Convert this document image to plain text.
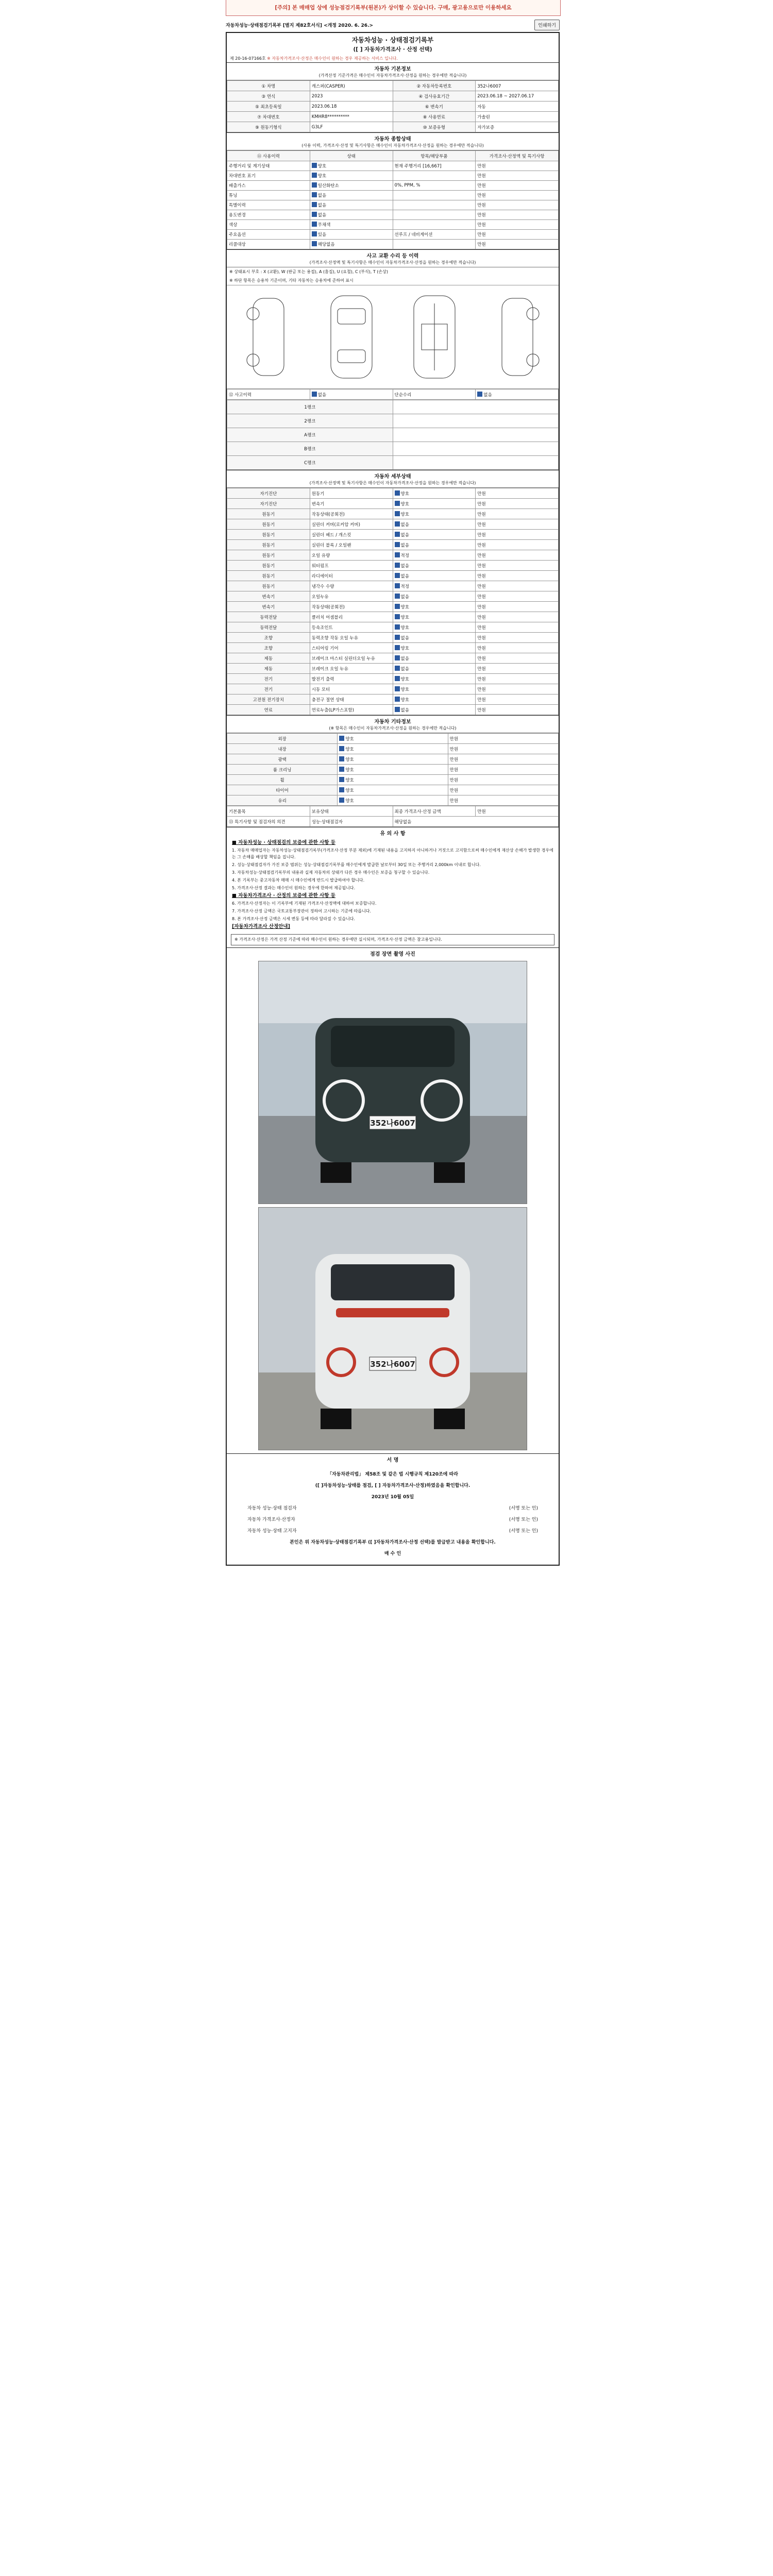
[주의] 본 매매업 상에 성능점검기록부(원본)가 상이할 수 있습니다. 구매, 광고용으로만 이용하세요
자동차성능·상태점검기록부 [별지 제82호서식] <개정 2020. 6. 26.>	인쇄하기
자동차성능 · 상태점검기록부
([ ] 자동차가격조사 · 산정 선택)
제 20-16-07166호 ※ 자동차가격조사·산정은 매수인이 원하는 경우 제공하는 서비스 입니다.
자동차 기본정보
(가격산정 기준가격은 매수인이 자동차가격조사·산정을 원하는 경우에만 적습니다)
① 차명	캐스퍼(CASPER)	② 자동차등록번호	352나6007
③ 연식	2023	④ 검사유효기간	2023.06.18 ~ 2027.06.17
⑤ 최초등록일	2023.06.18	⑥ 변속기	자동
⑦ 차대번호	KMHR8**********	⑧ 사용연료	가솔린
⑨ 원동기형식	G3LF	⑩ 보증유형	자가보증
자동차 종합상태
(사용 이력, 가격조사·산정 및 특기사항은 매수인이 자동차가격조사·산정을 원하는 경우에만 적습니다)
⑪ 사용이력	상태	항목/해당부품	가격조사·산정액 및 특기사항
주행거리 및 계기상태	양호	현재 주행거리 [16,667]	만원
차대번호 표기	양호		만원
배출가스	일산화탄소	0%, PPM, %	만원
튜닝	없음		만원
특별이력	없음		만원
용도변경	없음		만원
색상	무채색		만원
주요옵션	있음	선루프 / 네비게이션	만원
리콜대상	해당없음		만원
사고 교환 수리 등 이력
(가격조사·산정액 및 특기사항은 매수인이 자동차가격조사·산정을 원하는 경우에만 적습니다)
※ 상태표시 부호 : X (교환), W (판금 또는 용접), A (흠집), U (요철), C (부식), T (손상)
※ 하단 항목은 승용차 기준이며, 기타 자동차는 승용차에 준하여 표시
⑫ 사고이력	없음	단순수리	없음
1랭크	
2랭크	
A랭크	
B랭크	
C랭크	
자동차 세부상태
(가격조사·산정액 및 특기사항은 매수인이 자동차가격조사·산정을 원하는 경우에만 적습니다)
자기진단	원동기	양호	만원
자기진단	변속기	양호	만원
원동기	작동상태(공회전)	양호	만원
원동기	실린더 커버(로커암 커버)	없음	만원
원동기	실린더 헤드 / 개스킷	없음	만원
원동기	실린더 블록 / 오일팬	없음	만원
원동기	오일 유량	적정	만원
원동기	워터펌프	없음	만원
원동기	라디에이터	없음	만원
원동기	냉각수 수량	적정	만원
변속기	오일누유	없음	만원
변속기	작동상태(공회전)	양호	만원
동력전달	클러치 어셈블리	양호	만원
동력전달	등속조인트	양호	만원
조향	동력조향 작동 오일 누유	없음	만원
조향	스티어링 기어	양호	만원
제동	브레이크 마스터 실린더오일 누유	없음	만원
제동	브레이크 오일 누유	없음	만원
전기	발전기 출력	양호	만원
전기	시동 모터	양호	만원
고전원 전기장치	충전구 절연 상태	양호	만원
연료	연료누출(LP가스포함)	없음	만원
자동차 기타정보
(※ 항목은 매수인이 자동차가격조사·산정을 원하는 경우에만 적습니다)
외장	양호	만원
내장	양호	만원
광택	양호	만원
룸 크리닝	양호	만원
휠	양호	만원
타이어	양호	만원
유리	양호	만원
기본품목	보유상태	최종 가격조사·산정 금액	만원
⑬ 특기사항 및 점검자의 의견	성능·상태점검자	해당없음	
유 의 사 항
■ 자동차성능 · 상태점검의 보증에 관한 사항 등

1. 자동차 매매업자는 자동차성능·상태점검기록부(가격조사·산정 부분 제외)에 기재된 내용을 고지하지 아니하거나 거짓으로 고지함으로써 매수인에게 재산상 손해가 발생한 경우에는 그 손해를 배상할 책임을 집니다.

2. 성능·상태점검자가 가진 보증 범위는 성능·상태점검기록부를 매수인에게 발급한 날로부터 30일 또는 주행거리 2,000km 이내로 합니다.

3. 자동차성능·상태점검기록부의 내용과 실제 자동차의 상태가 다른 경우 매수인은 보증을 청구할 수 있습니다.

4. 본 기록부는 중고자동차 매매 시 매수인에게 반드시 발급하여야 합니다.

5. 가격조사·산정 결과는 매수인이 원하는 경우에 한하여 제공됩니다.

■ 자동차가격조사 · 산정의 보증에 관한 사항 등

6. 가격조사·산정자는 이 기록부에 기재된 가격조사·산정액에 대하여 보증합니다.

7. 가격조사·산정 금액은 국토교통부장관이 정하여 고시하는 기준에 따릅니다.

8. 본 가격조사·산정 금액은 시세 변동 등에 따라 달라질 수 있습니다.

[자동차가격조사 산정안내]
※ 가격조사·산정은 가격 산정 기준에 따라 매수인이 원하는 경우에만 실시되며, 가격조사·산정 금액은 참고용입니다.
점검 장면 촬영 사진
352나6007
352나6007
서 명
「자동차관리법」 제58조 및 같은 법 시행규칙 제120조에 따라
([ ]자동차성능·상태를 점검, [ ] 자동차가격조사·산정)하였음을 확인합니다.
2023년 10월 05일
자동차 성능·상태 점검자	(서명 또는 인)
자동차 가격조사·산정자	(서명 또는 인)
자동차 성능·상태 고지자	(서명 또는 인)
본인은 위 자동차성능·상태점검기록부 ([ ]자동차가격조사·산정 선택)를 발급받고 내용을 확인합니다.
매 수 인
